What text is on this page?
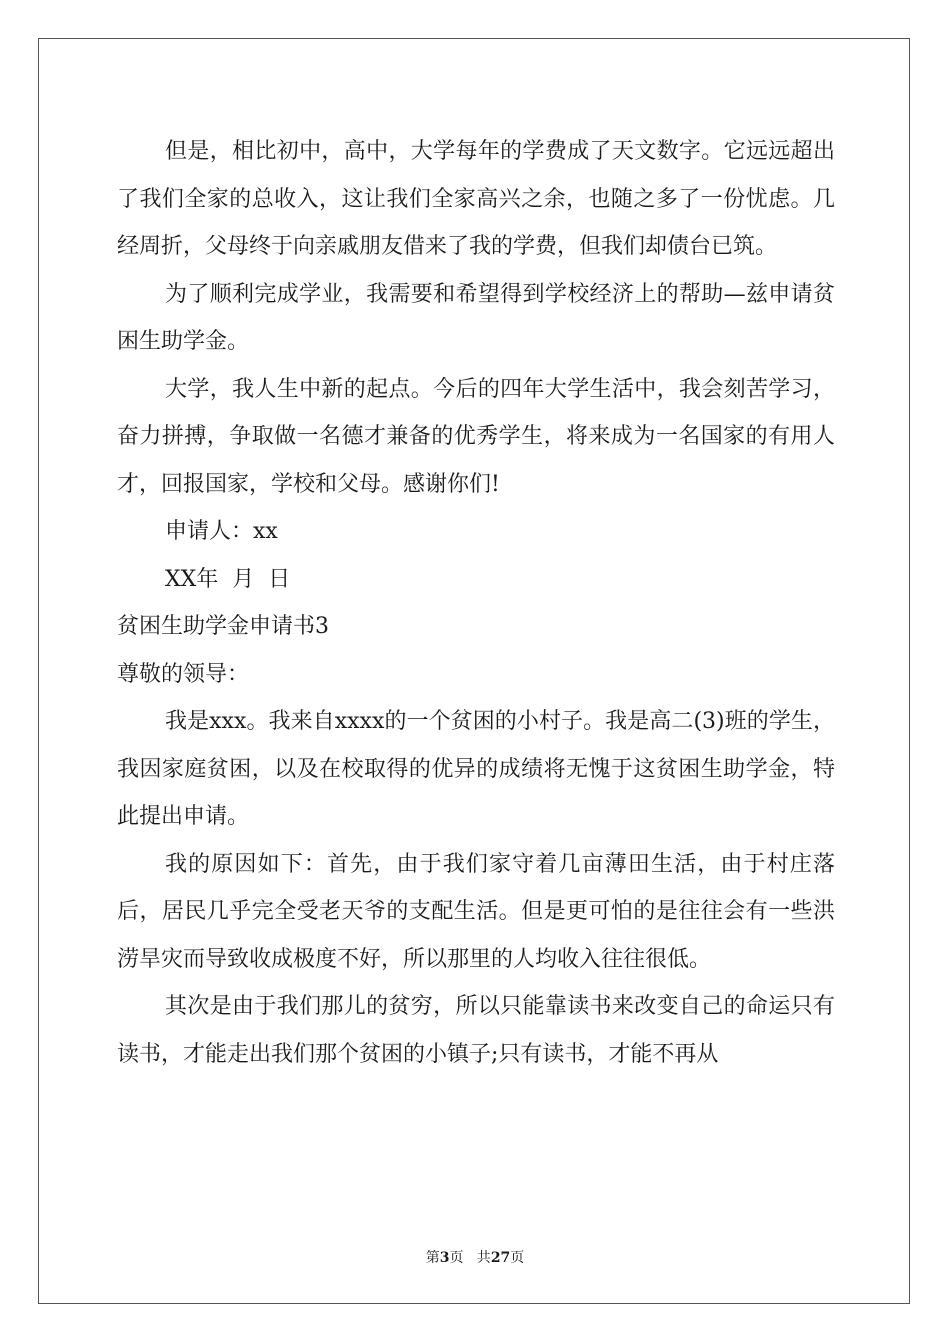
但是，相比初中，高中，大学每年的学费成了天文数字。它远远超出了我们全家的总收入，这让我们全家高兴之余，也随之多了一份忧虑。几经周折，父母终于向亲戚朋友借来了我的学费，但我们却债台已筑。

为了顺利完成学业，我需要和希望得到学校经济上的帮助—兹申请贫困生助学金。

大学，我人生中新的起点。今后的四年大学生活中，我会刻苦学习，奋力拼搏，争取做一名德才兼备的优秀学生，将来成为一名国家的有用人才，回报国家，学校和父母。感谢你们!

申请人：xx

XX年  月  日

贫困生助学金申请书3

尊敬的领导：

我是xxx。我来自xxxx的一个贫困的小村子。我是高二(3)班的学生，我因家庭贫困，以及在校取得的优异的成绩将无愧于这贫困生助学金，特此提出申请。

我的原因如下：首先，由于我们家守着几亩薄田生活，由于村庄落后，居民几乎完全受老天爷的支配生活。但是更可怕的是往往会有一些洪涝旱灾而导致收成极度不好，所以那里的人均收入往往很低。

其次是由于我们那儿的贫穷，所以只能靠读书来改变自己的命运只有读书，才能走出我们那个贫困的小镇子;只有读书，才能不再从

第3页   共27页
